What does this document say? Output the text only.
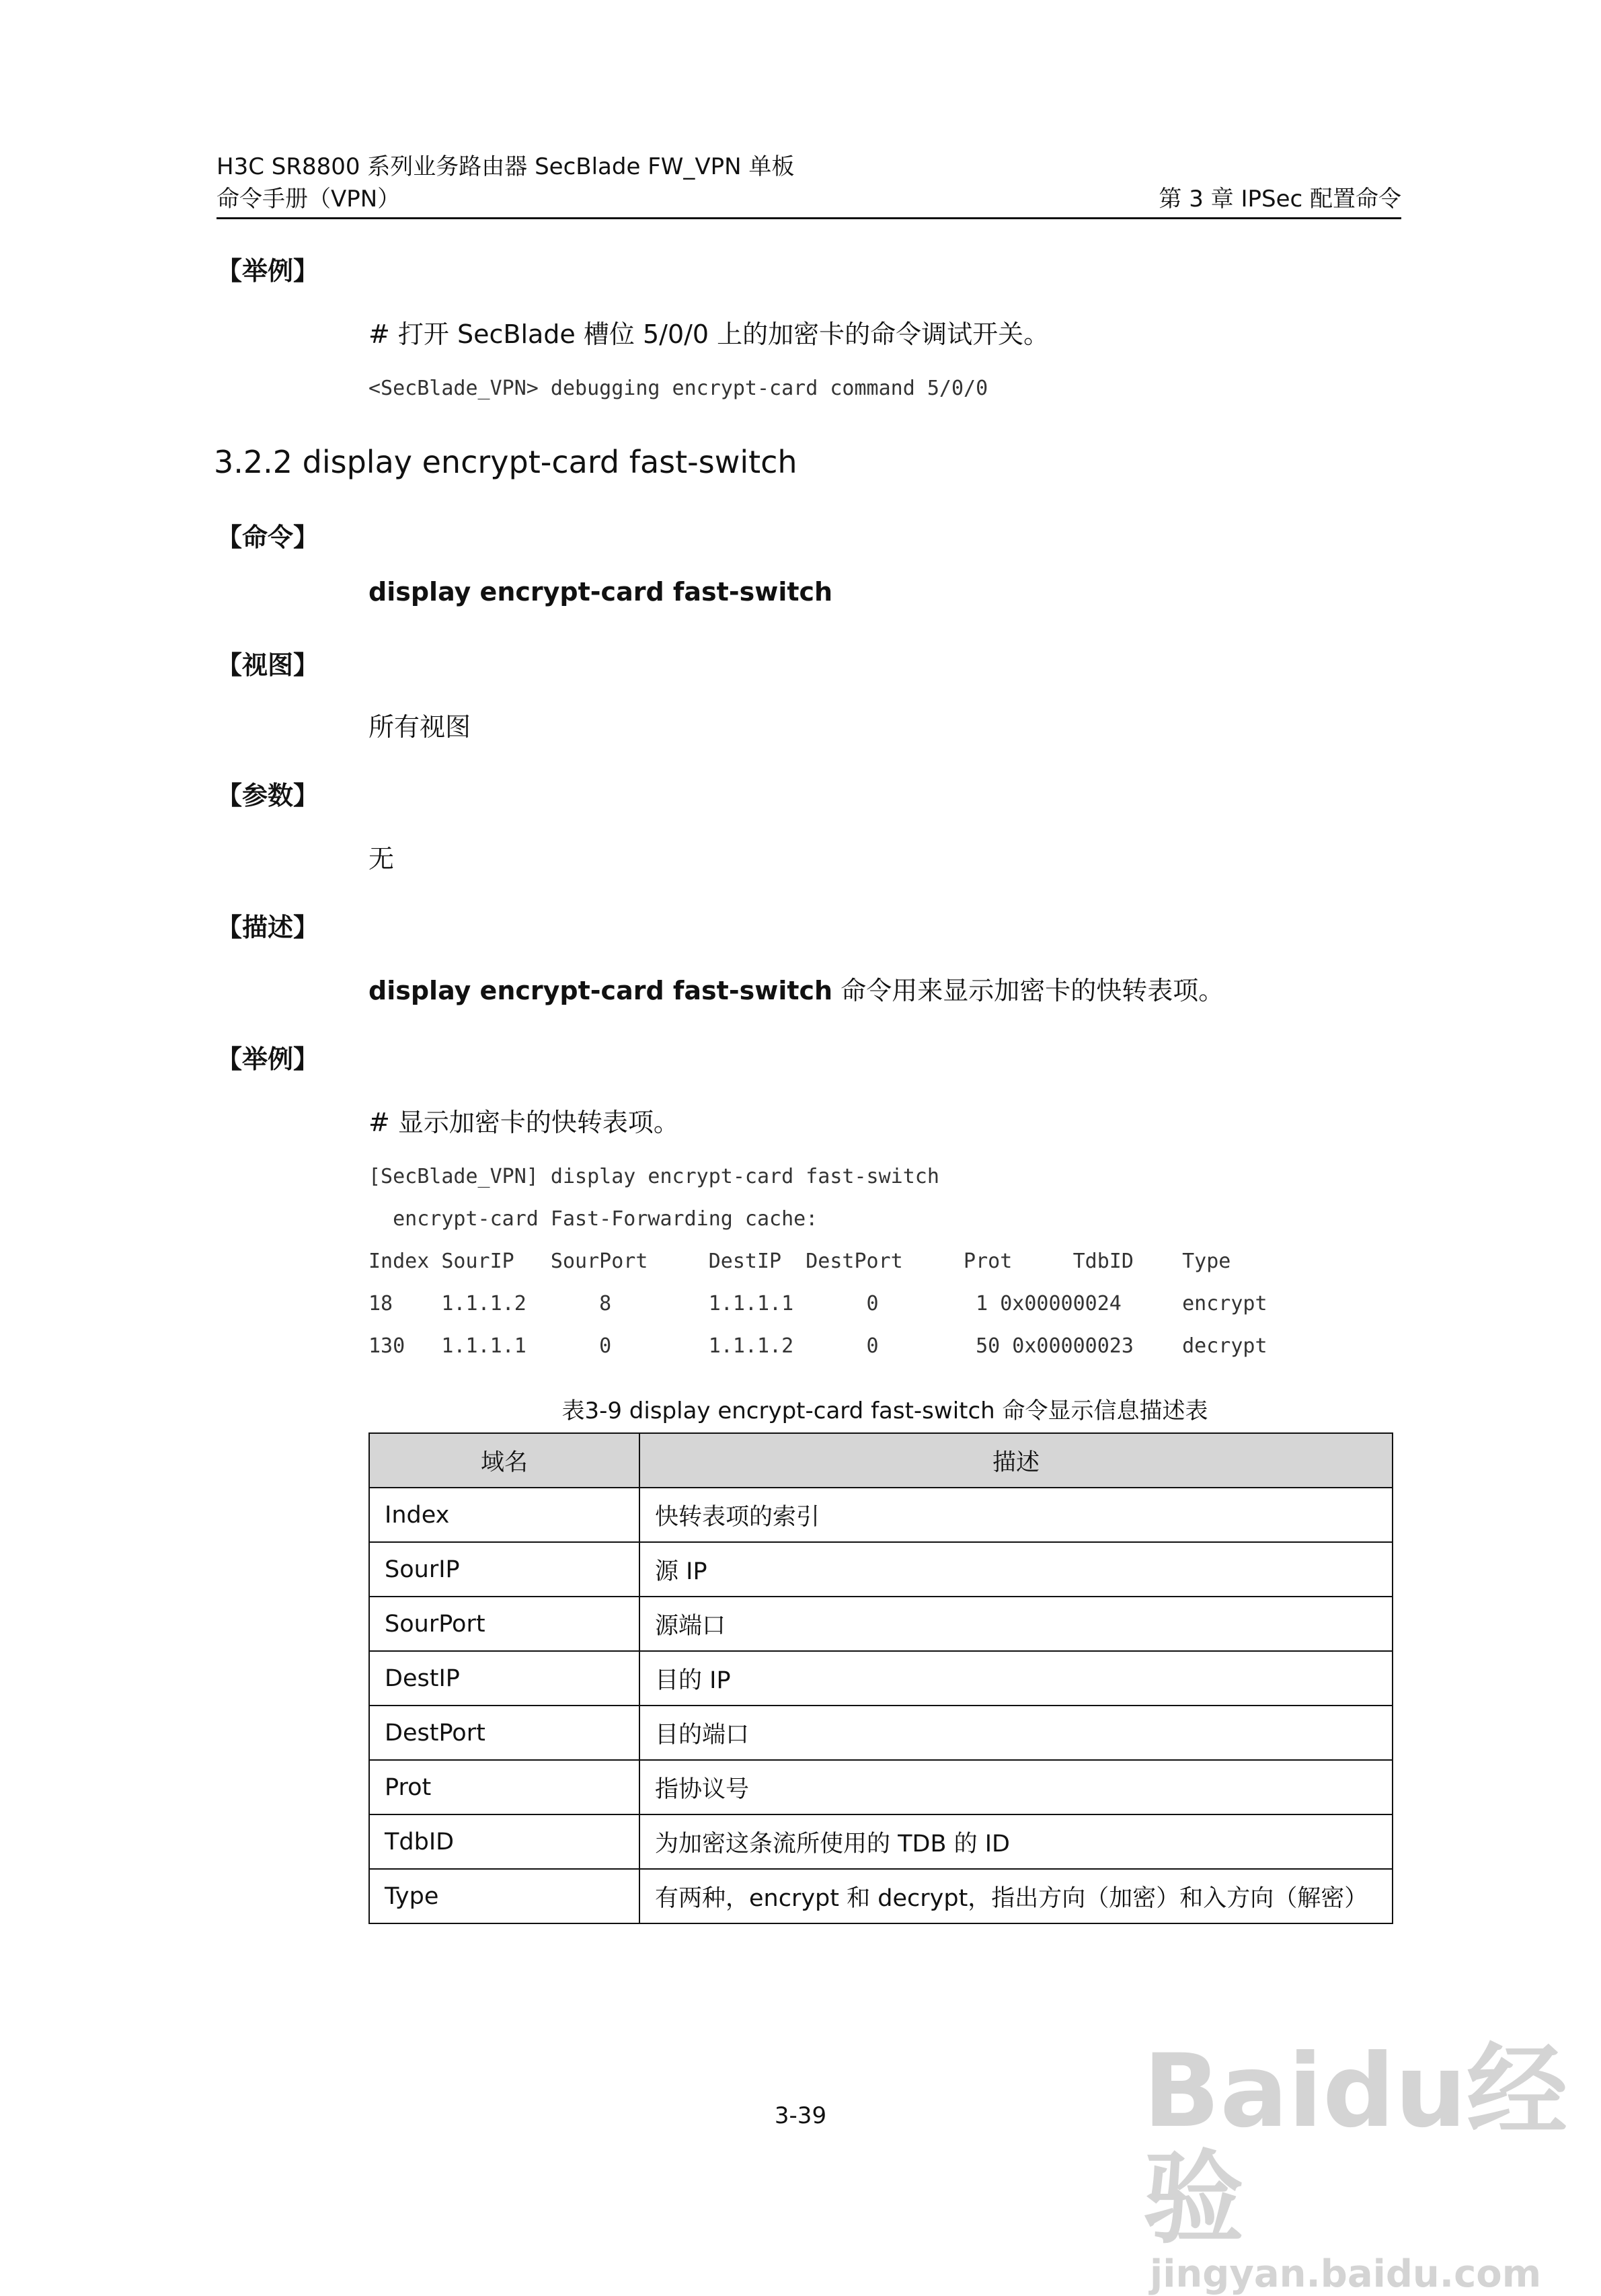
H3C SR8800 系列业务路由器 SecBlade FW_VPN 单板
命令手册（VPN）	第 3 章 IPSec 配置命令
【举例】
# 打开 SecBlade 槽位 5/0/0 上的加密卡的命令调试开关。
<SecBlade_VPN> debugging encrypt-card command 5/0/0
3.2.2 display encrypt-card fast-switch
【命令】
display encrypt-card fast-switch
【视图】
所有视图
【参数】
无
【描述】
display encrypt-card fast-switch 命令用来显示加密卡的快转表项。
【举例】
# 显示加密卡的快转表项。
[SecBlade_VPN] display encrypt-card fast-switch
encrypt-card Fast-Forwarding cache:
Index SourIP   SourPort     DestIP  DestPort     Prot     TdbID    Type
18    1.1.1.2      8        1.1.1.1      0        1 0x00000024     encrypt
130   1.1.1.1      0        1.1.1.2      0        50 0x00000023    decrypt
表3-9 display encrypt-card fast-switch 命令显示信息描述表
域名	描述
Index	快转表项的索引
SourIP	源 IP
SourPort	源端口
DestIP	目的 IP
DestPort	目的端口
Prot	指协议号
TdbID	为加密这条流所使用的 TDB 的 ID
Type	有两种，encrypt 和 decrypt，指出方向（加密）和入方向（解密）
3-39	Baidu经验
jingyan.baidu.com
